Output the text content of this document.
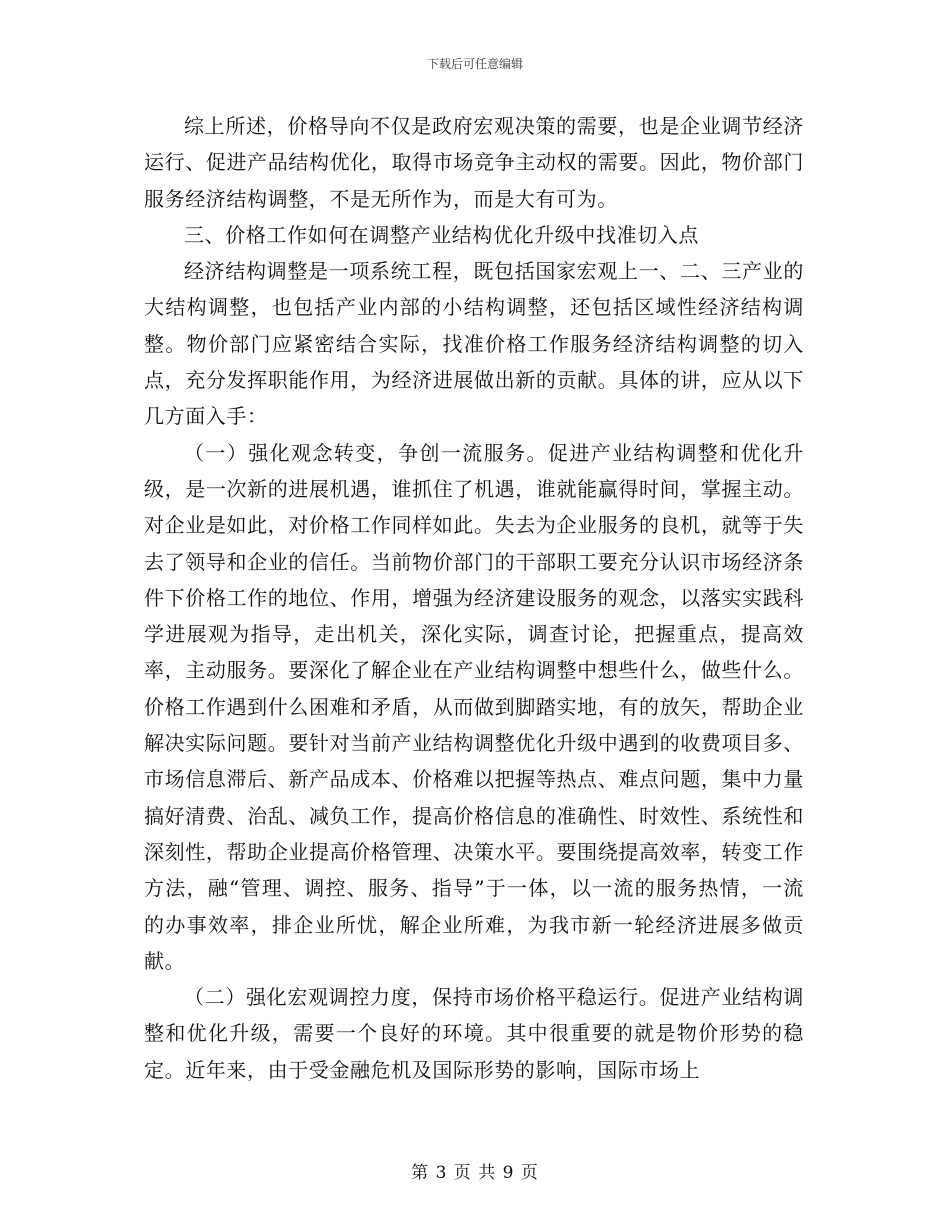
下载后可任意编辑

综上所述，价格导向不仅是政府宏观决策的需要，也是企业调节经济运行、促进产品结构优化，取得市场竞争主动权的需要。因此，物价部门服务经济结构调整，不是无所作为，而是大有可为。

三、价格工作如何在调整产业结构优化升级中找准切入点

经济结构调整是一项系统工程，既包括国家宏观上一、二、三产业的大结构调整，也包括产业内部的小结构调整，还包括区域性经济结构调整。物价部门应紧密结合实际，找准价格工作服务经济结构调整的切入点，充分发挥职能作用，为经济进展做出新的贡献。具体的讲，应从以下几方面入手：

（一）强化观念转变，争创一流服务。促进产业结构调整和优化升级，是一次新的进展机遇，谁抓住了机遇，谁就能赢得时间，掌握主动。对企业是如此，对价格工作同样如此。失去为企业服务的良机，就等于失去了领导和企业的信任。当前物价部门的干部职工要充分认识市场经济条件下价格工作的地位、作用，增强为经济建设服务的观念，以落实实践科学进展观为指导，走出机关，深化实际，调查讨论，把握重点，提高效率，主动服务。要深化了解企业在产业结构调整中想些什么，做些什么。价格工作遇到什么困难和矛盾，从而做到脚踏实地，有的放矢，帮助企业解决实际问题。要针对当前产业结构调整优化升级中遇到的收费项目多、市场信息滞后、新产品成本、价格难以把握等热点、难点问题，集中力量搞好清费、治乱、减负工作，提高价格信息的准确性、时效性、系统性和深刻性，帮助企业提高价格管理、决策水平。要围绕提高效率，转变工作方法，融“管理、调控、服务、指导”于一体，以一流的服务热情，一流的办事效率，排企业所忧，解企业所难，为我市新一轮经济进展多做贡献。

（二）强化宏观调控力度，保持市场价格平稳运行。促进产业结构调整和优化升级，需要一个良好的环境。其中很重要的就是物价形势的稳定。近年来，由于受金融危机及国际形势的影响，国际市场上

第 3 页 共 9 页
